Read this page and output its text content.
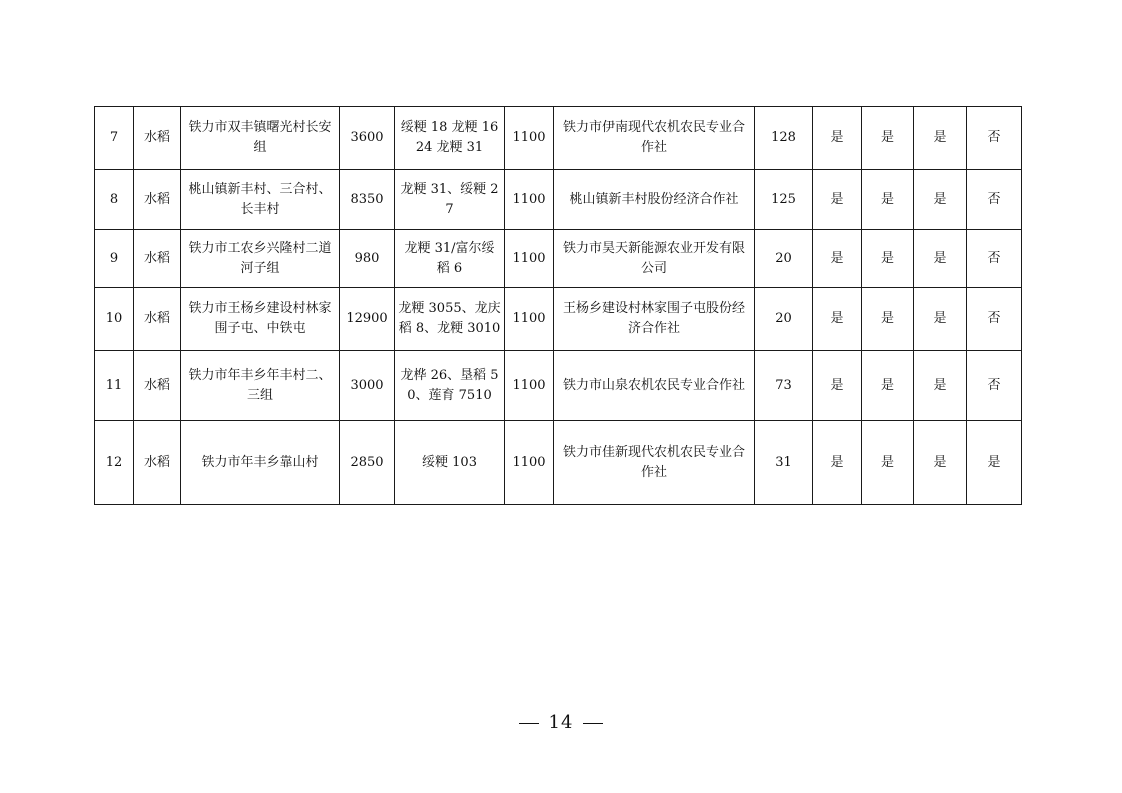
7	水稻	铁力市双丰镇曙光村长安组	3600	绥粳 18 龙粳 1624 龙粳 31	1100	铁力市伊南现代农机农民专业合作社	128	是	是	是	否
8	水稻	桃山镇新丰村、三合村、长丰村	8350	龙粳 31、绥粳 27	1100	桃山镇新丰村股份经济合作社	125	是	是	是	否
9	水稻	铁力市工农乡兴隆村二道河子组	980	龙粳 31/富尔绥稻 6	1100	铁力市昊天新能源农业开发有限公司	20	是	是	是	否
10	水稻	铁力市王杨乡建设村林家围子屯、中铁屯	12900	龙粳 3055、龙庆稻 8、龙粳 3010	1100	王杨乡建设村林家围子屯股份经济合作社	20	是	是	是	否
11	水稻	铁力市年丰乡年丰村二、三组	3000	龙桦 26、垦稻 50、莲育 7510	1100	铁力市山泉农机农民专业合作社	73	是	是	是	否
12	水稻	铁力市年丰乡靠山村	2850	绥粳 103	1100	铁力市佳新现代农机农民专业合作社	31	是	是	是	是
14
